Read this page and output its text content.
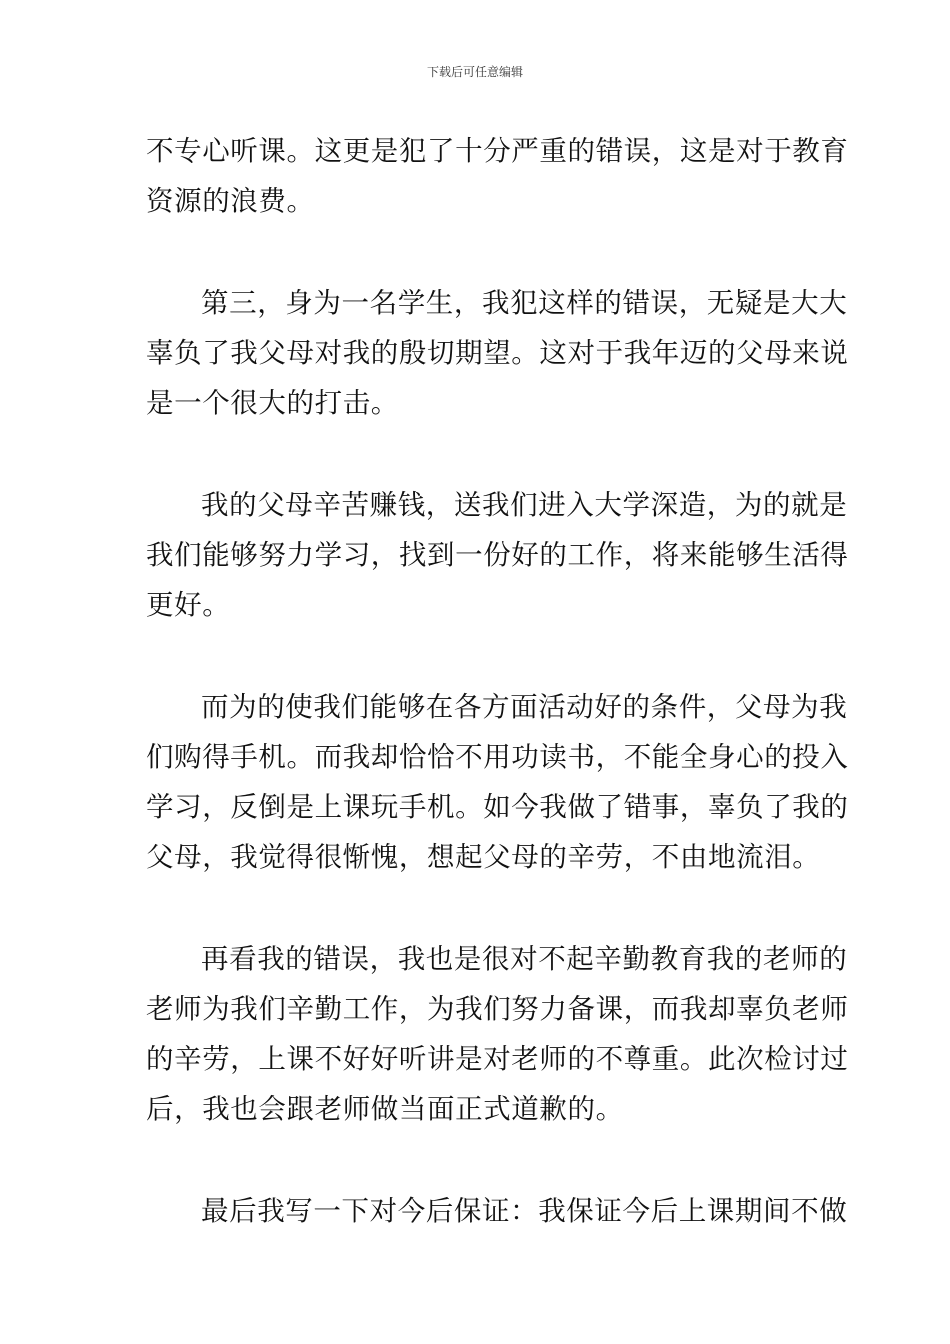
下载后可任意编辑

不专心听课。这更是犯了十分严重的错误，这是对于教育
资源的浪费。

第三，身为一名学生，我犯这样的错误，无疑是大大
辜负了我父母对我的殷切期望。这对于我年迈的父母来说
是一个很大的打击。

我的父母辛苦赚钱，送我们进入大学深造，为的就是
我们能够努力学习，找到一份好的工作，将来能够生活得
更好。

而为的使我们能够在各方面活动好的条件，父母为我
们购得手机。而我却恰恰不用功读书，不能全身心的投入
学习，反倒是上课玩手机。如今我做了错事，辜负了我的
父母，我觉得很惭愧，想起父母的辛劳，不由地流泪。

再看我的错误，我也是很对不起辛勤教育我的老师的
老师为我们辛勤工作，为我们努力备课，而我却辜负老师
的辛劳，上课不好好听讲是对老师的不尊重。此次检讨过
后，我也会跟老师做当面正式道歉的。

最后我写一下对今后保证：我保证今后上课期间不做
